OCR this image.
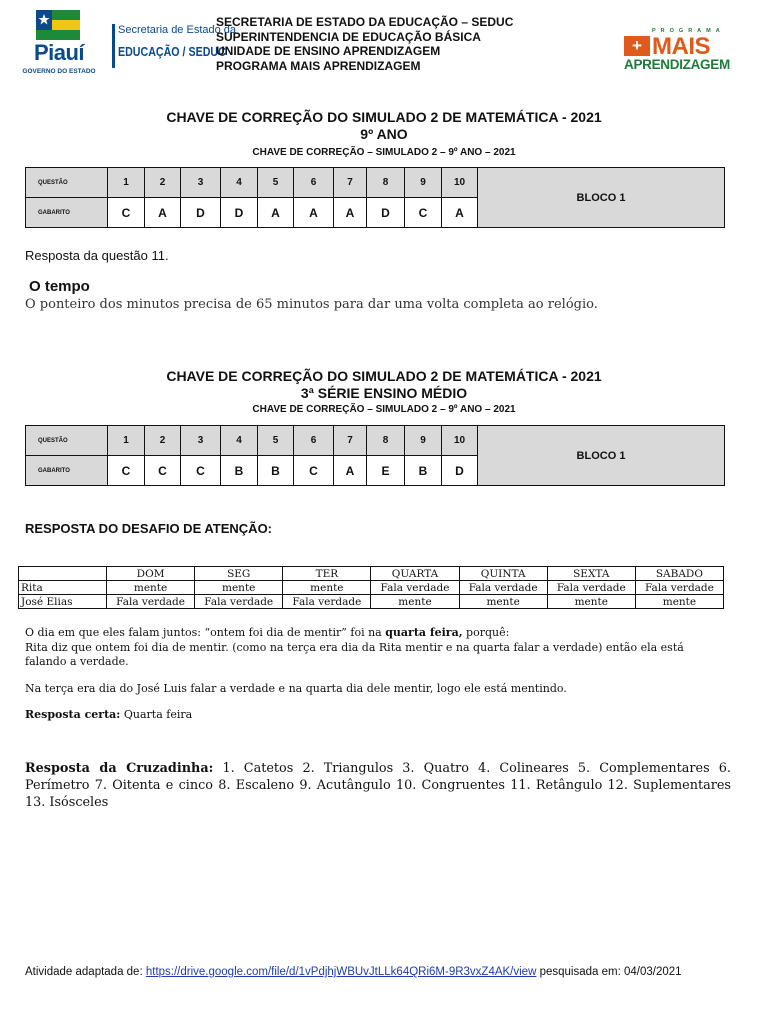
Piauí
GOVERNO DO ESTADO
Secretaria de Estado da
EDUCAÇÃO / SEDUC
SECRETARIA DE ESTADO DA EDUCAÇÃO – SEDUC
SUPERINTENDENCIA DE EDUCAÇÃO BÁSICA
UNIDADE DE ENSINO APRENDIZAGEM
PROGRAMA MAIS APRENDIZAGEM
PROGRAMA
+ MAIS
APRENDIZAGEM
CHAVE DE CORREÇÃO DO SIMULADO 2 DE MATEMÁTICA - 2021
9º ANO
CHAVE DE CORREÇÃO – SIMULADO 2 – 9º ANO – 2021
QUESTÃO	1	2	3	4	5	6	7	8	9	10	BLOCO 1
GABARITO	C	A	D	D	A	A	A	D	C	A	
Resposta da questão 11.
O tempo
O ponteiro dos minutos precisa de 65 minutos para dar uma volta completa ao relógio.
CHAVE DE CORREÇÃO DO SIMULADO 2 DE MATEMÁTICA - 2021
3ª SÉRIE ENSINO MÉDIO
CHAVE DE CORREÇÃO – SIMULADO 2 – 9º ANO – 2021
QUESTÃO	1	2	3	4	5	6	7	8	9	10	BLOCO 1
GABARITO	C	C	C	B	B	C	A	E	B	D	
RESPOSTA DO DESAFIO DE ATENÇÃO:
	DOM	SEG	TER	QUARTA	QUINTA	SEXTA	SABADO
Rita	mente	mente	mente	Fala verdade	Fala verdade	Fala verdade	Fala verdade
José Elias	Fala verdade	Fala verdade	Fala verdade	mente	mente	mente	mente
O dia em que eles falam juntos: “ontem foi dia de mentir” foi na quarta feira, porquê:
Rita diz que ontem foi dia de mentir. (como na terça era dia da Rita mentir e na quarta falar a verdade) então ela está falando a verdade.
Na terça era dia do José Luis falar a verdade e na quarta dia dele mentir, logo ele está mentindo.
Resposta certa: Quarta feira
Resposta da Cruzadinha: 1. Catetos 2. Triangulos 3. Quatro 4. Colineares 5. Complementares 6. Perímetro 7. Oitenta e cinco 8. Escaleno 9. Acutângulo 10. Congruentes 11. Retângulo 12. Suplementares 13. Isósceles
Atividade adaptada de: https://drive.google.com/file/d/1vPdjhjWBUvJtLLk64QRi6M-9R3vxZ4AK/view pesquisada em: 04/03/2021
